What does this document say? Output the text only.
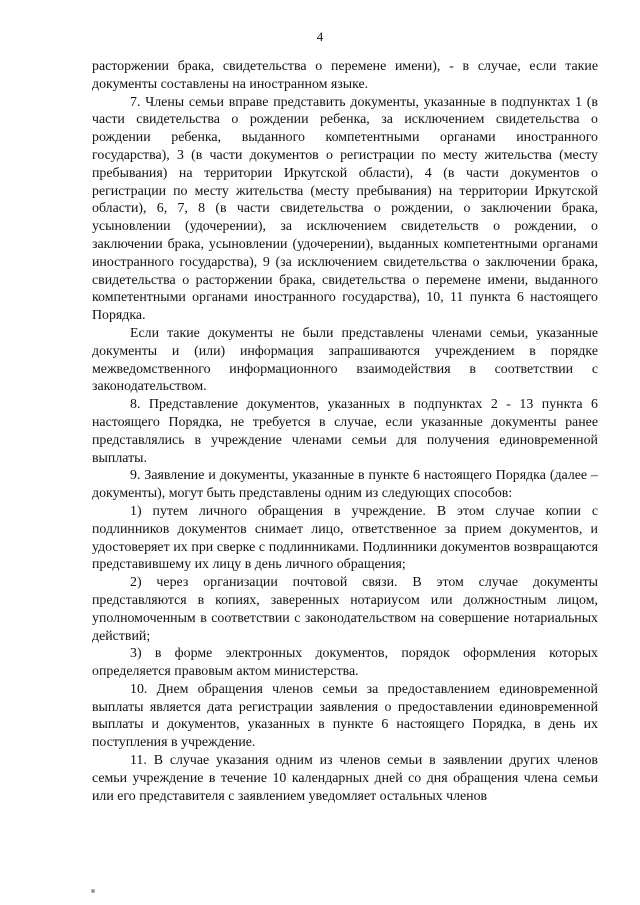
4

расторжении брака, свидетельства о перемене имени), - в случае, если такие документы составлены на иностранном языке.

7. Члены семьи вправе представить документы, указанные в подпунктах 1 (в части свидетельства о рождении ребенка, за исключением свидетельства о рождении ребенка, выданного компетентными органами иностранного государства), 3 (в части документов о регистрации по месту жительства (месту пребывания) на территории Иркутской области), 4 (в части документов о регистрации по месту жительства (месту пребывания) на территории Иркутской области), 6, 7, 8 (в части свидетельства о рождении, о заключении брака, усыновлении (удочерении), за исключением свидетельств о рождении, о заключении брака, усыновлении (удочерении), выданных компетентными органами иностранного государства), 9 (за исключением свидетельства о заключении брака, свидетельства о расторжении брака, свидетельства о перемене имени, выданного компетентными органами иностранного государства), 10, 11 пункта 6 настоящего Порядка.

Если такие документы не были представлены членами семьи, указанные документы и (или) информация запрашиваются учреждением в порядке межведомственного информационного взаимодействия в соответствии с законодательством.

8. Представление документов, указанных в подпунктах 2 - 13 пункта 6 настоящего Порядка, не требуется в случае, если указанные документы ранее представлялись в учреждение членами семьи для получения единовременной выплаты.

9. Заявление и документы, указанные в пункте 6 настоящего Порядка (далее – документы), могут быть представлены одним из следующих способов:

1) путем личного обращения в учреждение. В этом случае копии с подлинников документов снимает лицо, ответственное за прием документов, и удостоверяет их при сверке с подлинниками. Подлинники документов возвращаются представившему их лицу в день личного обращения;

2) через организации почтовой связи. В этом случае документы представляются в копиях, заверенных нотариусом или должностным лицом, уполномоченным в соответствии с законодательством на совершение нотариальных действий;

3) в форме электронных документов, порядок оформления которых определяется правовым актом министерства.

10. Днем обращения членов семьи за предоставлением единовременной выплаты является дата регистрации заявления о предоставлении единовременной выплаты и документов, указанных в пункте 6 настоящего Порядка, в день их поступления в учреждение.

11. В случае указания одним из членов семьи в заявлении других членов семьи учреждение в течение 10 календарных дней со дня обращения члена семьи или его представителя с заявлением уведомляет остальных членов
